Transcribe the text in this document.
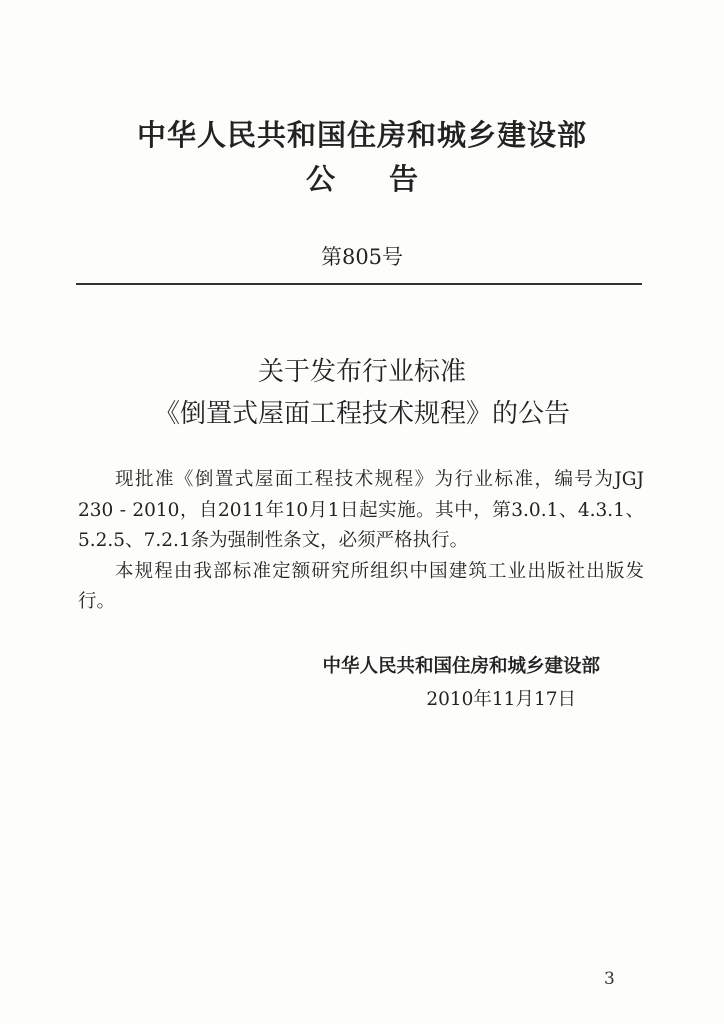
中华人民共和国住房和城乡建设部
公告
第805号
关于发布行业标准
《倒置式屋面工程技术规程》的公告

现批准《倒置式屋面工程技术规程》为行业标准，编号为JGJ 230 - 2010，自2011年10月1日起实施。其中，第3.0.1、4.3.1、5.2.5、7.2.1条为强制性条文，必须严格执行。

本规程由我部标准定额研究所组织中国建筑工业出版社出版发行。

中华人民共和国住房和城乡建设部
2010年11月17日
3
